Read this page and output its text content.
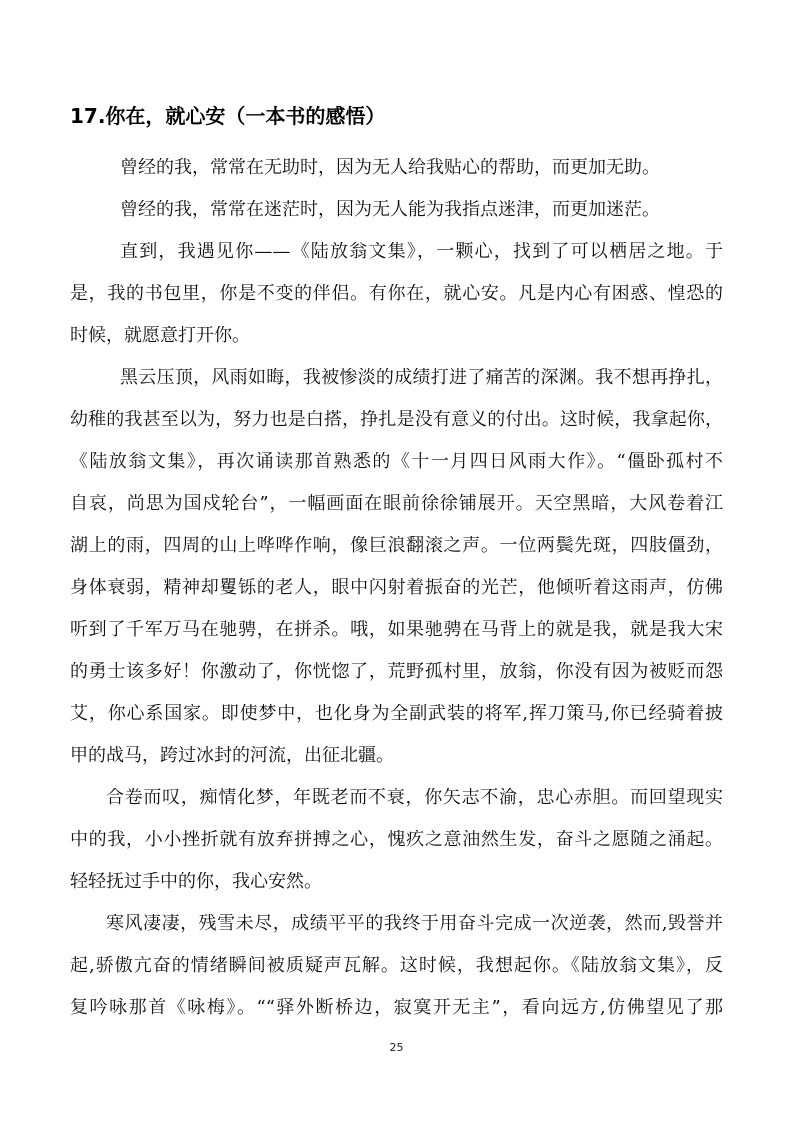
17.你在，就心安（一本书的感悟）
曾经的我，常常在无助时，因为无人给我贴心的帮助，而更加无助。
曾经的我，常常在迷茫时，因为无人能为我指点迷津，而更加迷茫。
直到，我遇见你——《陆放翁文集》，一颗心，找到了可以栖居之地。于
是，我的书包里，你是不变的伴侣。有你在，就心安。凡是内心有困惑、惶恐的
时候，就愿意打开你。
黑云压顶，风雨如晦，我被惨淡的成绩打进了痛苦的深渊。我不想再挣扎，
幼稚的我甚至以为，努力也是白搭，挣扎是没有意义的付出。这时候，我拿起你，
《陆放翁文集》，再次诵读那首熟悉的《十一月四日风雨大作》。“僵卧孤村不
自哀，尚思为国戍轮台”，一幅画面在眼前徐徐铺展开。天空黑暗，大风卷着江
湖上的雨，四周的山上哗哗作响，像巨浪翻滚之声。一位两鬓先斑，四肢僵劲，
身体衰弱，精神却矍铄的老人，眼中闪射着振奋的光芒，他倾听着这雨声，仿佛
听到了千军万马在驰骋，在拼杀。哦，如果驰骋在马背上的就是我，就是我大宋
的勇士该多好！你激动了，你恍惚了，荒野孤村里，放翁，你没有因为被贬而怨
艾，你心系国家。即使梦中，也化身为全副武装的将军,挥刀策马,你已经骑着披
甲的战马，跨过冰封的河流，出征北疆。
合卷而叹，痴情化梦，年既老而不衰，你矢志不渝，忠心赤胆。而回望现实
中的我，小小挫折就有放弃拼搏之心，愧疚之意油然生发，奋斗之愿随之涌起。
轻轻抚过手中的你，我心安然。
寒风凄凄，残雪未尽，成绩平平的我终于用奋斗完成一次逆袭，然而,毁誉并
起,骄傲亢奋的情绪瞬间被质疑声瓦解。这时候，我想起你。《陆放翁文集》，反
复吟咏那首《咏梅》。““驿外断桥边，寂寞开无主”，看向远方,仿佛望见了那
25
